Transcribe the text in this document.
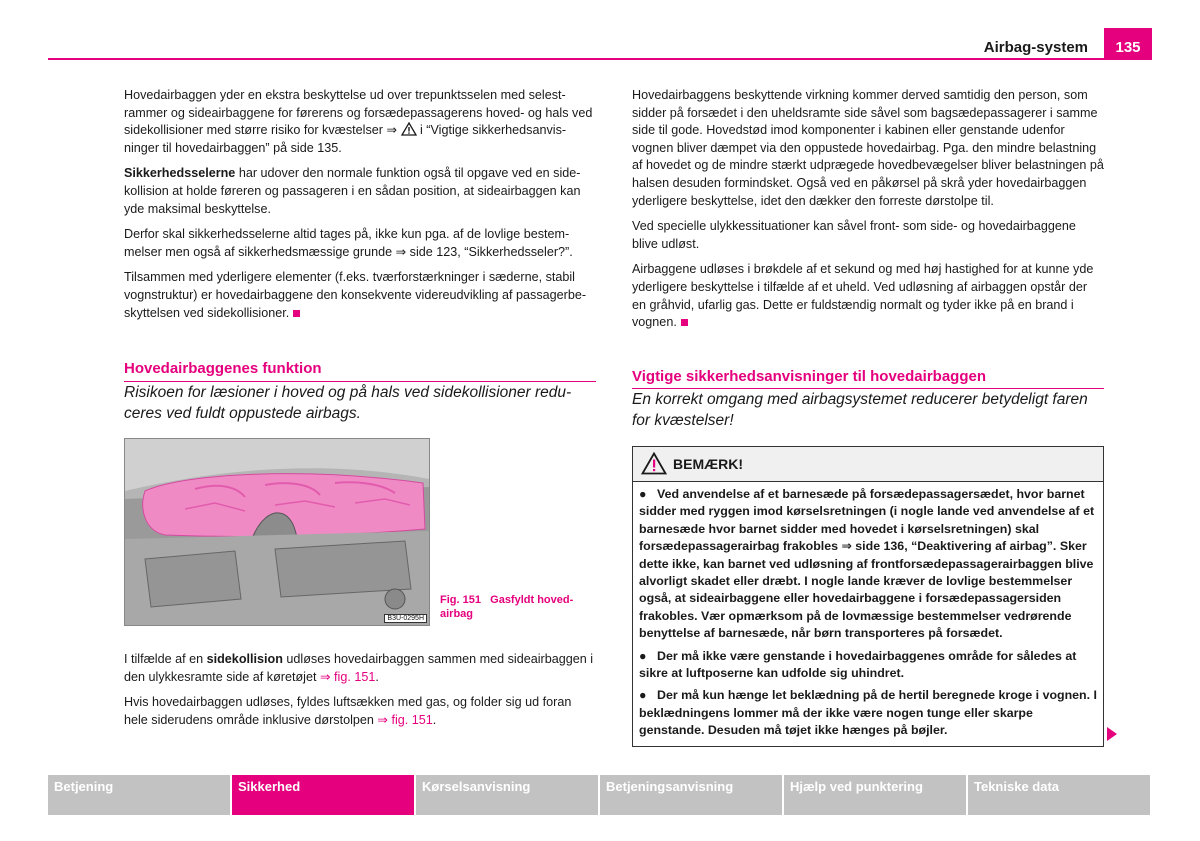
Airbag-system	135

Hovedairbaggen yder en ekstra beskyttelse ud over trepunktsselen med selestrammer og sideairbaggene for førerens og forsædepassagerens hoved- og hals ved sidekollisioner med større risiko for kvæstelser ⇒  i “Vigtige sikkerhedsanvisninger til hovedairbaggen” på side 135.

Sikkerhedsselerne har udover den normale funktion også til opgave ved en sidekollision at holde føreren og passageren i en sådan position, at sideairbaggen kan yde maksimal beskyttelse.

Derfor skal sikkerhedsselerne altid tages på, ikke kun pga. af de lovlige bestemmelser men også af sikkerhedsmæssige grunde ⇒ side 123, “Sikkerhedsseler?”.

Tilsammen med yderligere elementer (f.eks. tværforstærkninger i sæderne, stabil vognstruktur) er hovedairbaggene den konsekvente videreudvikling af passagerbeskyttelsen ved sidekollisioner.

Hovedairbaggenes funktion

Risikoen for læsioner i hoved og på hals ved sidekollisioner reduceres ved fuldt oppustede airbags.

B3U-0295H
Fig. 151 Gasfyldt hovedairbag

I tilfælde af en sidekollision udløses hovedairbaggen sammen med sideairbaggen i den ulykkesramte side af køretøjet ⇒ fig. 151.

Hvis hovedairbaggen udløses, fyldes luftsækken med gas, og folder sig ud foran hele siderudens område inklusive dørstolpen ⇒ fig. 151.

Hovedairbaggens beskyttende virkning kommer derved samtidig den person, som sidder på forsædet i den uheldsramte side såvel som bagsædepassagerer i samme side til gode. Hovedstød imod komponenter i kabinen eller genstande udenfor vognen bliver dæmpet via den oppustede hovedairbag. Pga. den mindre belastning af hovedet og de mindre stærkt udprægede hovedbevægelser bliver belastningen på halsen desuden formindsket. Også ved en påkørsel på skrå yder hovedairbaggen yderligere beskyttelse, idet den dækker den forreste dørstolpe til.

Ved specielle ulykkessituationer kan såvel front- som side- og hovedairbaggene blive udløst.

Airbaggene udløses i brøkdele af et sekund og med høj hastighed for at kunne yde yderligere beskyttelse i tilfælde af et uheld. Ved udløsning af airbaggen opstår der en gråhvid, ufarlig gas. Dette er fuldstændig normalt og tyder ikke på en brand i vognen.

Vigtige sikkerhedsanvisninger til hovedairbaggen

En korrekt omgang med airbagsystemet reducerer betydeligt faren for kvæstelser!

BEMÆRK!

● Ved anvendelse af et barnesæde på forsædepassagersædet, hvor barnet sidder med ryggen imod kørselsretningen (i nogle lande ved anvendelse af et barnesæde hvor barnet sidder med hovedet i kørselsretningen) skal forsædepassagerairbag frakobles ⇒ side 136, “Deaktivering af airbag”. Sker dette ikke, kan barnet ved udløsning af frontforsædepassagerairbaggen blive alvorligt skadet eller dræbt. I nogle lande kræver de lovlige bestemmelser også, at sideairbaggene eller hovedairbaggene i forsædepassagersiden frakobles. Vær opmærksom på de lovmæssige bestemmelser vedrørende benyttelse af barnesæde, når børn transporteres på forsædet.

● Der må ikke være genstande i hovedairbaggenes område for således at sikre at luftposerne kan udfolde sig uhindret.

● Der må kun hænge let beklædning på de hertil beregnede kroge i vognen. I beklædningens lommer må der ikke være nogen tunge eller skarpe genstande. Desuden må tøjet ikke hænges på bøjler.

Betjening	Sikkerhed	Kørselsanvisning	Betjeningsanvisning	Hjælp ved punktering	Tekniske data
